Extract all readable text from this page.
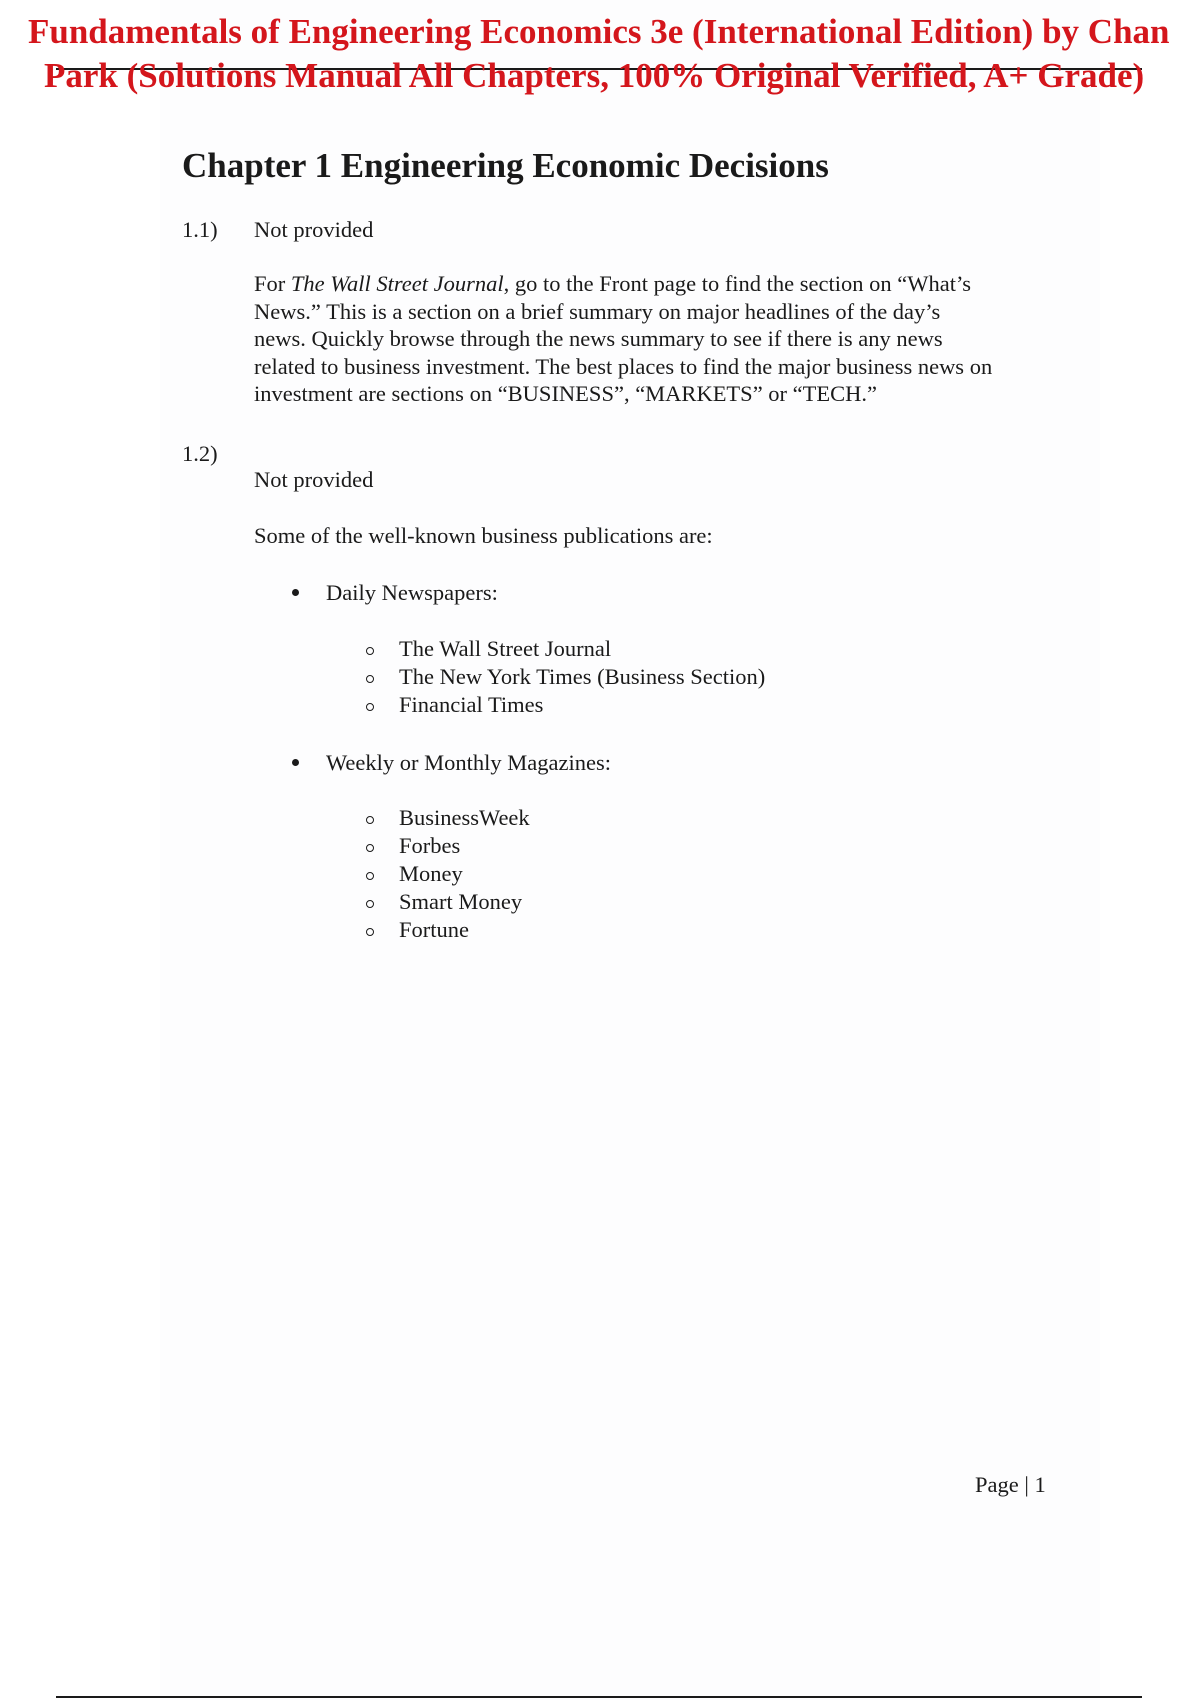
Fundamentals of Engineering Economics 3e (International Edition) by Chan
Park (Solutions Manual All Chapters, 100% Original Verified, A+ Grade)
Chapter 1 Engineering Economic Decisions
1.1) Not provided
For The Wall Street Journal, go to the Front page to find the section on “What’s
News.” This is a section on a brief summary on major headlines of the day’s
news. Quickly browse through the news summary to see if there is any news
related to business investment. The best places to find the major business news on
investment are sections on “BUSINESS”, “MARKETS” or “TECH.”
1.2)
Not provided
Some of the well-known business publications are:
Daily Newspapers:
The Wall Street Journal
The New York Times (Business Section)
Financial Times
Weekly or Monthly Magazines:
BusinessWeek
Forbes
Money
Smart Money
Fortune
Page | 1
